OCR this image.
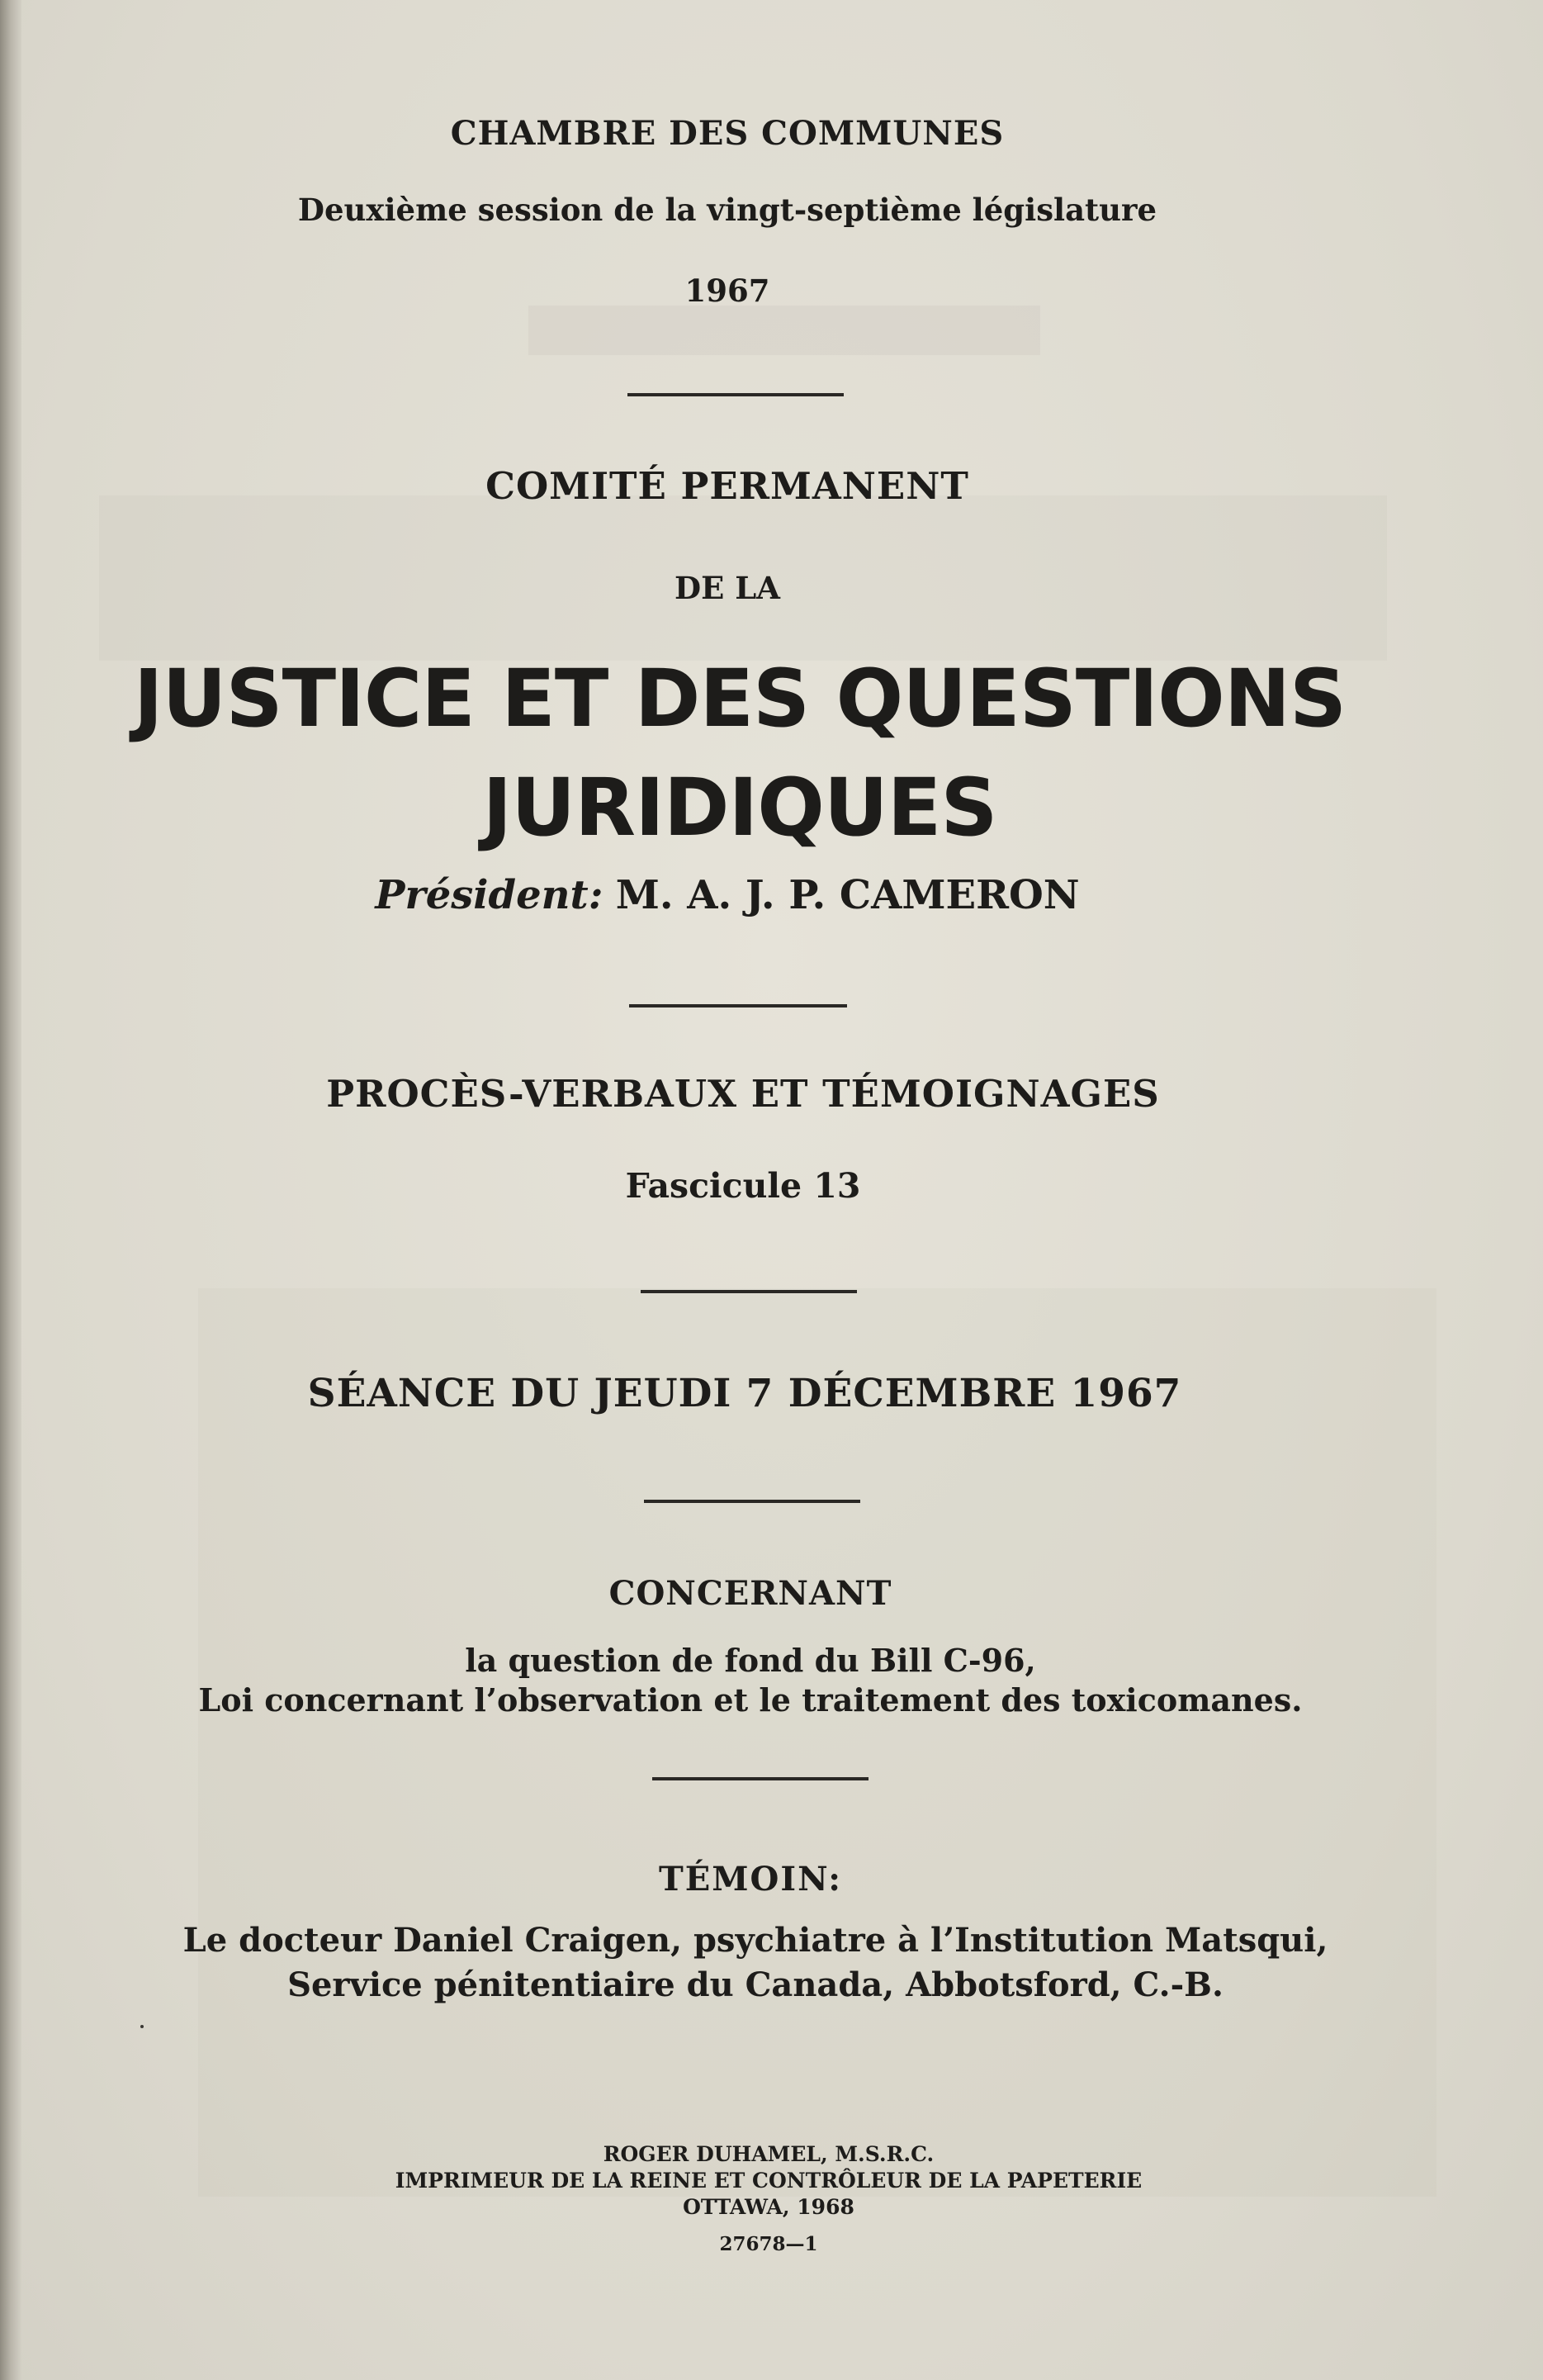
CHAMBRE DES COMMUNES
Deuxième session de la vingt-septième législature
1967
COMITÉ PERMANENT
DE LA
JUSTICE ET DES QUESTIONS
JURIDIQUES
Président: M. A. J. P. CAMERON
PROCÈS-VERBAUX ET TÉMOIGNAGES
Fascicule 13
SÉANCE DU JEUDI 7 DÉCEMBRE 1967
CONCERNANT
la question de fond du Bill C-96,
Loi concernant l’observation et le traitement des toxicomanes.
TÉMOIN:
Le docteur Daniel Craigen, psychiatre à l’Institution Matsqui,
Service pénitentiaire du Canada, Abbotsford, C.-B.
ROGER DUHAMEL, M.S.R.C.
IMPRIMEUR DE LA REINE ET CONTRÔLEUR DE LA PAPETERIE
OTTAWA, 1968
27678—1
